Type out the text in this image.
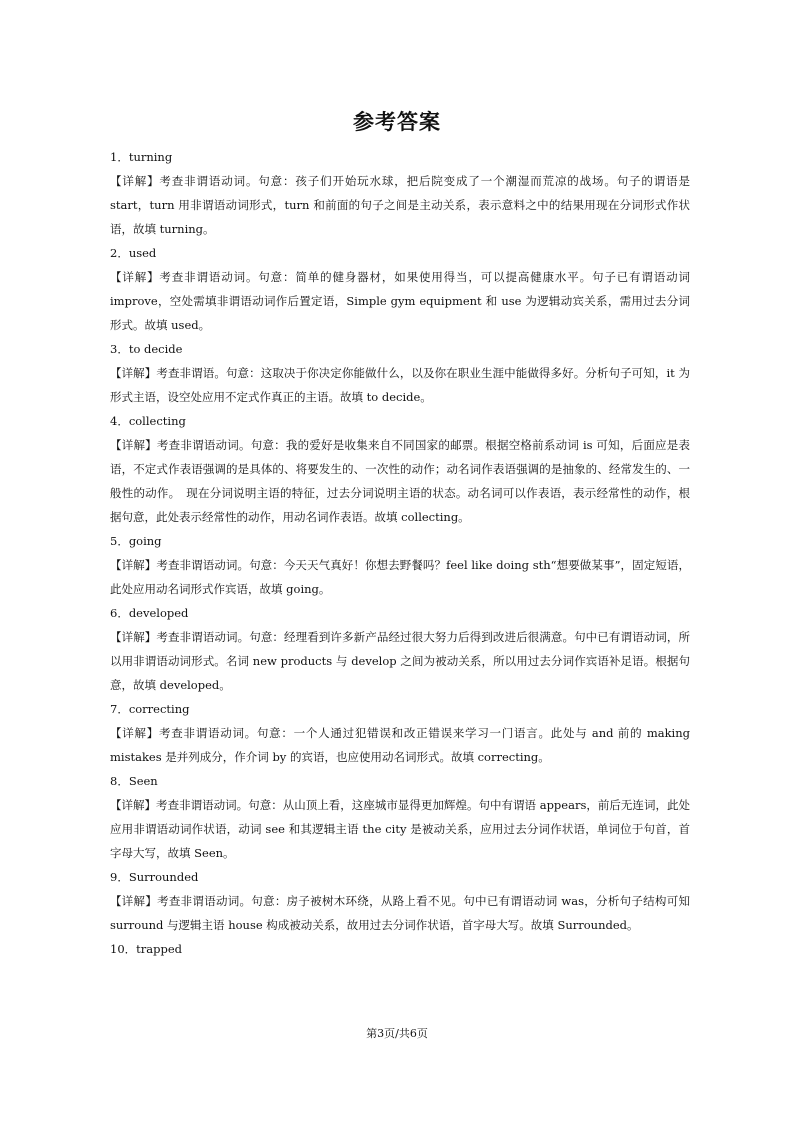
参考答案
1．turning
【详解】考查非谓语动词。句意：孩子们开始玩水球，把后院变成了一个潮湿而荒凉的战场。句子的谓语是 start，turn 用非谓语动词形式，turn 和前面的句子之间是主动关系，表示意料之中的结果用现在分词形式作状语，故填 turning。
2．used
【详解】考查非谓语动词。句意：简单的健身器材，如果使用得当，可以提高健康水平。句子已有谓语动词 improve，空处需填非谓语动词作后置定语，Simple gym equipment 和 use 为逻辑动宾关系，需用过去分词形式。故填 used。
3．to decide
【详解】考查非谓语。句意：这取决于你决定你能做什么，以及你在职业生涯中能做得多好。分析句子可知，it 为形式主语，设空处应用不定式作真正的主语。故填 to decide。
4．collecting
【详解】考查非谓语动词。句意：我的爱好是收集来自不同国家的邮票。根据空格前系动词 is 可知，后面应是表语，不定式作表语强调的是具体的、将要发生的、一次性的动作；动名词作表语强调的是抽象的、经常发生的、一般性的动作。　现在分词说明主语的特征，过去分词说明主语的状态。动名词可以作表语，表示经常性的动作，根据句意，此处表示经常性的动作，用动名词作表语。故填 collecting。
5．going
【详解】考查非谓语动词。句意：今天天气真好！你想去野餐吗？feel like doing sth“想要做某事”，固定短语，此处应用动名词形式作宾语，故填 going。
6．developed
【详解】考查非谓语动词。句意：经理看到许多新产品经过很大努力后得到改进后很满意。句中已有谓语动词，所以用非谓语动词形式。名词 new products 与 develop 之间为被动关系，所以用过去分词作宾语补足语。根据句意，故填 developed。
7．correcting
【详解】考查非谓语动词。句意：一个人通过犯错误和改正错误来学习一门语言。此处与 and 前的 making mistakes 是并列成分，作介词 by 的宾语，也应使用动名词形式。故填 correcting。
8．Seen
【详解】考查非谓语动词。句意：从山顶上看，这座城市显得更加辉煌。句中有谓语 appears，前后无连词，此处应用非谓语动词作状语，动词 see 和其逻辑主语 the city 是被动关系，应用过去分词作状语，单词位于句首，首字母大写，故填 Seen。
9．Surrounded
【详解】考查非谓语动词。句意：房子被树木环绕，从路上看不见。句中已有谓语动词 was，分析句子结构可知 surround 与逻辑主语 house 构成被动关系，故用过去分词作状语，首字母大写。故填 Surrounded。
10．trapped
第3页/共6页
